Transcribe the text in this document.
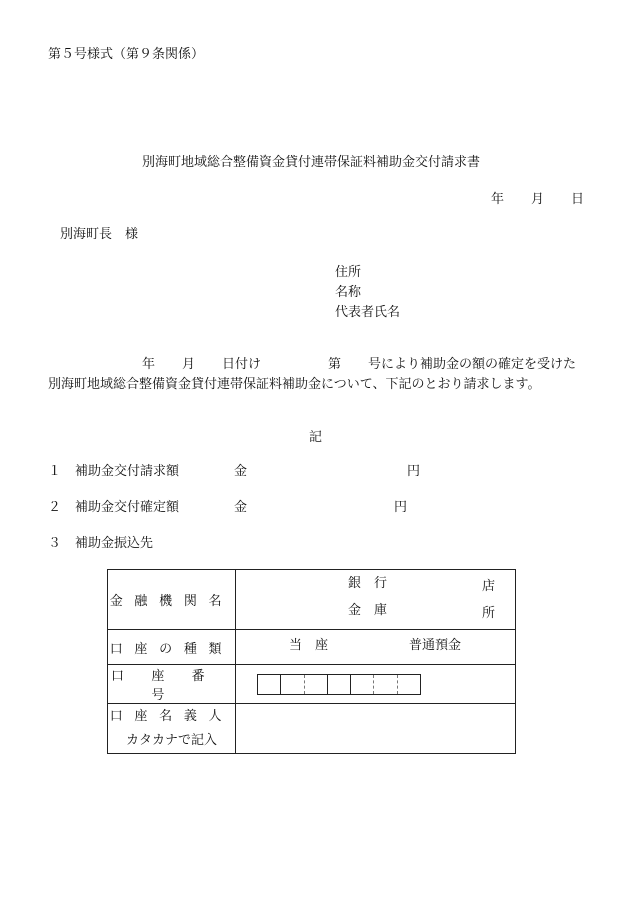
第５号様式（第９条関係）
別海町地域総合整備資金貸付連帯保証料補助金交付請求書
年 月 日
別海町長　様
住所
名称
代表者氏名
年 月 日付け	第 号により補助金の額の確定を受けた
別海町地域総合整備資金貸付連帯保証料補助金について、下記のとおり請求します。
記
１ 補助金交付請求額	金	円
２ 補助金交付確定額	金	円
３ 補助金振込先
金融機関名	銀　行 店
金　庫 所

口座の種類	当　座 普通預金

口座番号	

口座名義人
カタカナで記入	
